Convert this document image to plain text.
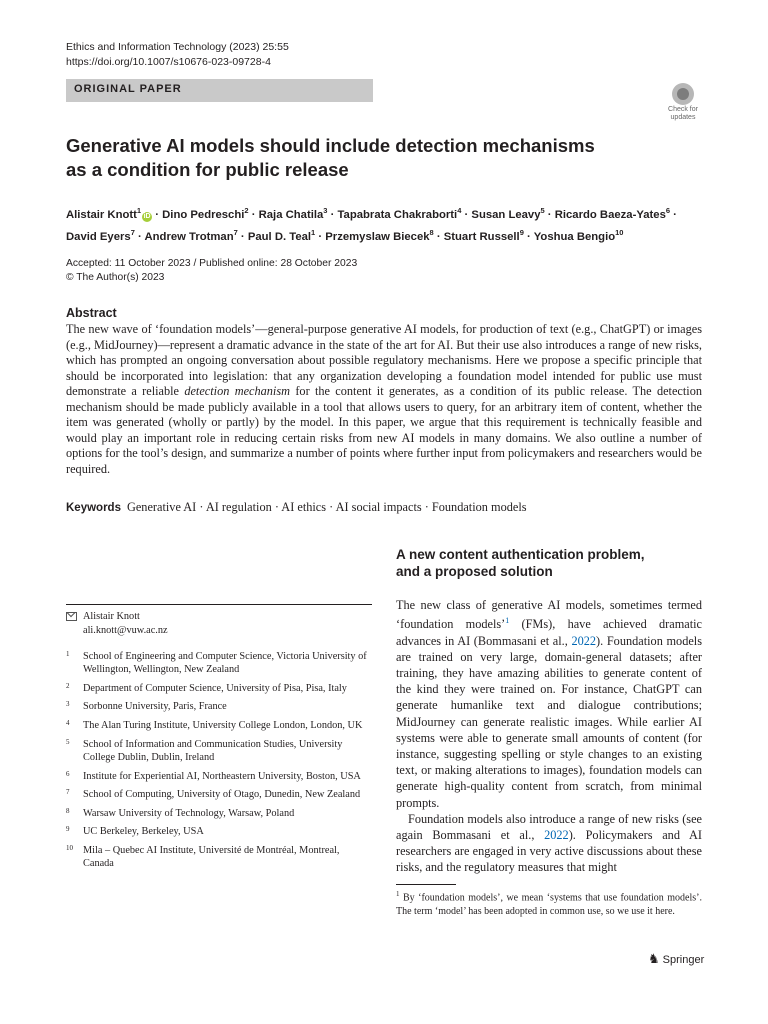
Ethics and Information Technology (2023) 25:55
https://doi.org/10.1007/s10676-023-09728-4
ORIGINAL PAPER
Check for
updates
Generative AI models should include detection mechanisms
as a condition for public release
Alistair Knott$^1$iD · Dino Pedreschi$^2$ · Raja Chatila$^3$ · Tapabrata Chakraborti$^4$ · Susan Leavy$^5$ · Ricardo Baeza-Yates$^6$ ·
David Eyers$^7$ · Andrew Trotman$^7$ · Paul D. Teal$^1$ · Przemyslaw Biecek$^8$ · Stuart Russell$^9$ · Yoshua Bengio$^{10}$
Accepted: 11 October 2023 / Published online: 28 October 2023
© The Author(s) 2023
Abstract
The new wave of ‘foundation models’—general-purpose generative AI models, for production of text (e.g., ChatGPT) or images (e.g., MidJourney)—represent a dramatic advance in the state of the art for AI. But their use also introduces a range of new risks, which has prompted an ongoing conversation about possible regulatory mechanisms. Here we propose a specific principle that should be incorporated into legislation: that any organization developing a foundation model intended for public use must demonstrate a reliable detection mechanism for the content it generates, as a condition of its public release. The detection mechanism should be made publicly available in a tool that allows users to query, for an arbitrary item of content, whether the item was generated (wholly or partly) by the model. In this paper, we argue that this requirement is technically feasible and would play an important role in reducing certain risks from new AI models in many domains. We also outline a number of options for the tool’s design, and summarize a number of points where further input from policymakers and researchers would be required.
Keywords Generative AI · AI regulation · AI ethics · AI social impacts · Foundation models
Alistair Knott
ali.knott@vuw.ac.nz
1 School of Engineering and Computer Science, Victoria University of Wellington, Wellington, New Zealand
2 Department of Computer Science, University of Pisa, Pisa, Italy
3 Sorbonne University, Paris, France
4 The Alan Turing Institute, University College London, London, UK
5 School of Information and Communication Studies, University College Dublin, Dublin, Ireland
6 Institute for Experiential AI, Northeastern University, Boston, USA
7 School of Computing, University of Otago, Dunedin, New Zealand
8 Warsaw University of Technology, Warsaw, Poland
9 UC Berkeley, Berkeley, USA
10 Mila – Quebec AI Institute, Université de Montréal, Montreal, Canada
A new content authentication problem,
and a proposed solution

The new class of generative AI models, sometimes termed ‘foundation models’$^1$ (FMs), have achieved dramatic advances in AI (Bommasani et al., 2022). Foundation models are trained on very large, domain-general datasets; after training, they have amazing abilities to generate content of the kind they were trained on. For instance, ChatGPT can generate humanlike text and dialogue contributions; MidJourney can generate realistic images. While earlier AI systems were able to generate small amounts of content (for instance, suggesting spelling or style changes to an existing text, or making alterations to images), foundation models can generate high-quality content from scratch, from minimal prompts.

Foundation models also introduce a range of new risks (see again Bommasani et al., 2022). Policymakers and AI researchers are engaged in very active discussions about these risks, and the regulatory measures that might

$^1$ By ‘foundation models’, we mean ‘systems that use foundation models’. The term ‘model’ has been adopted in common use, so we use it here.
♞ Springer
